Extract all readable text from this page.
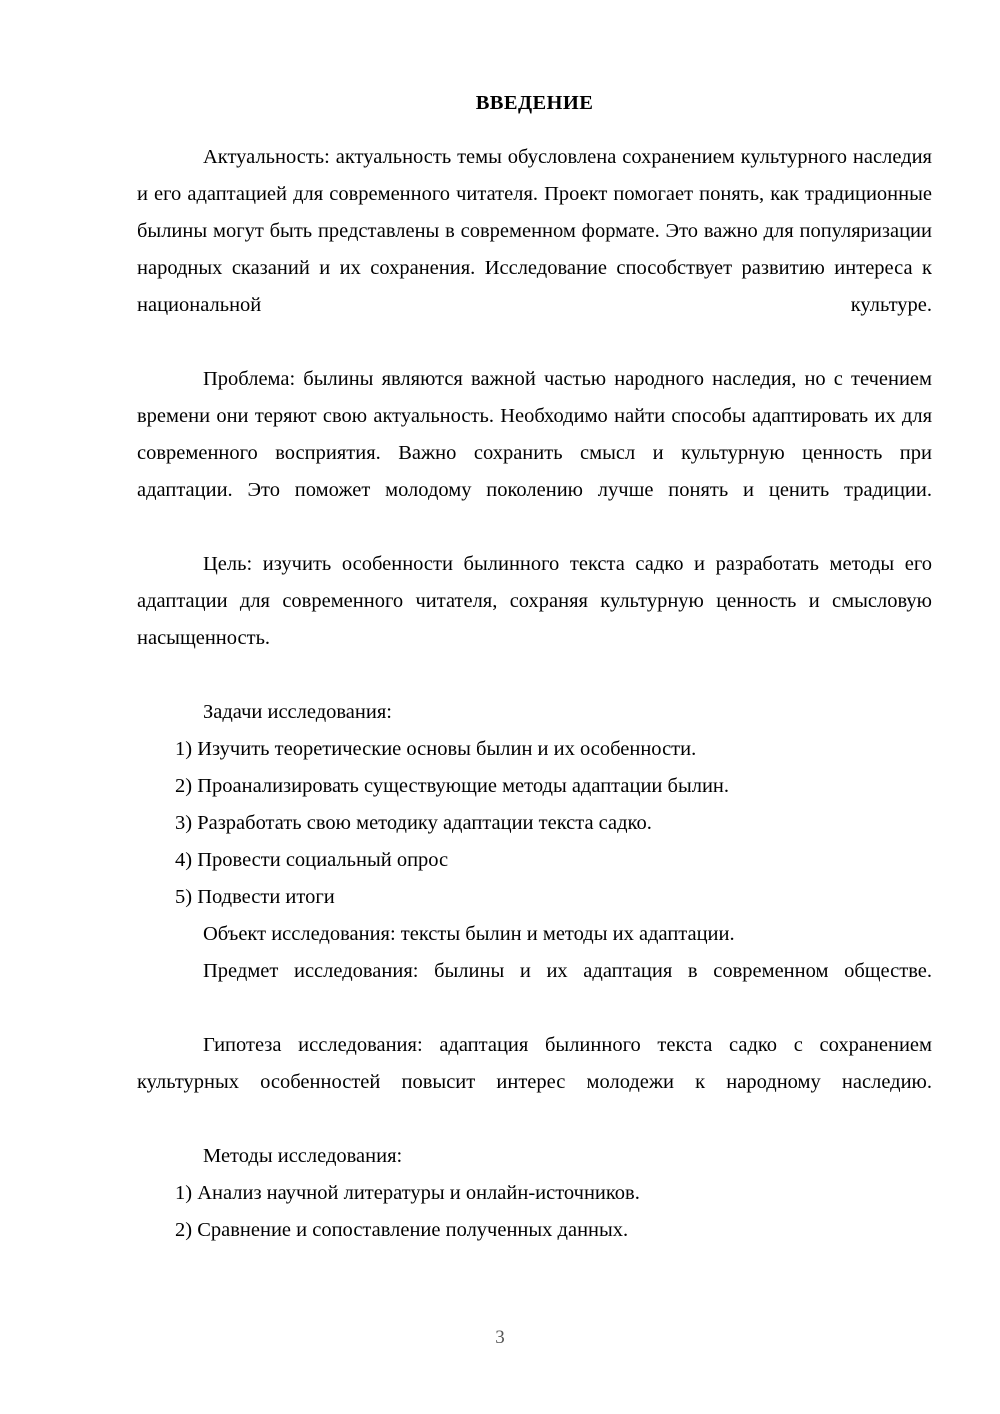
ВВЕДЕНИЕ

Актуальность: актуальность темы обусловлена сохранением культурного наследия и его адаптацией для современного читателя. Проект помогает понять, как традиционные былины могут быть представлены в современном формате. Это важно для популяризации народных сказаний и их сохранения. Исследование способствует развитию интереса к национальной культуре.

Проблема: былины являются важной частью народного наследия, но с течением времени они теряют свою актуальность. Необходимо найти способы адаптировать их для современного восприятия. Важно сохранить смысл и культурную ценность при адаптации. Это поможет молодому поколению лучше понять и ценить традиции.

Цель: изучить особенности былинного текста садко и разработать методы его адаптации для современного читателя, сохраняя культурную ценность и смысловую насыщенность.

Задачи исследования:

1) Изучить теоретические основы былин и их особенности.
2) Проанализировать существующие методы адаптации былин.
3) Разработать свою методику адаптации текста садко.
4) Провести социальный опрос
5) Подвести итоги

Объект исследования: тексты былин и методы их адаптации.

Предмет исследования: былины и их адаптация в современном обществе.

Гипотеза исследования: адаптация былинного текста садко с сохранением культурных особенностей повысит интерес молодежи к народному наследию.

Методы исследования:

1) Анализ научной литературы и онлайн-источников.
2) Сравнение и сопоставление полученных данных.
3
